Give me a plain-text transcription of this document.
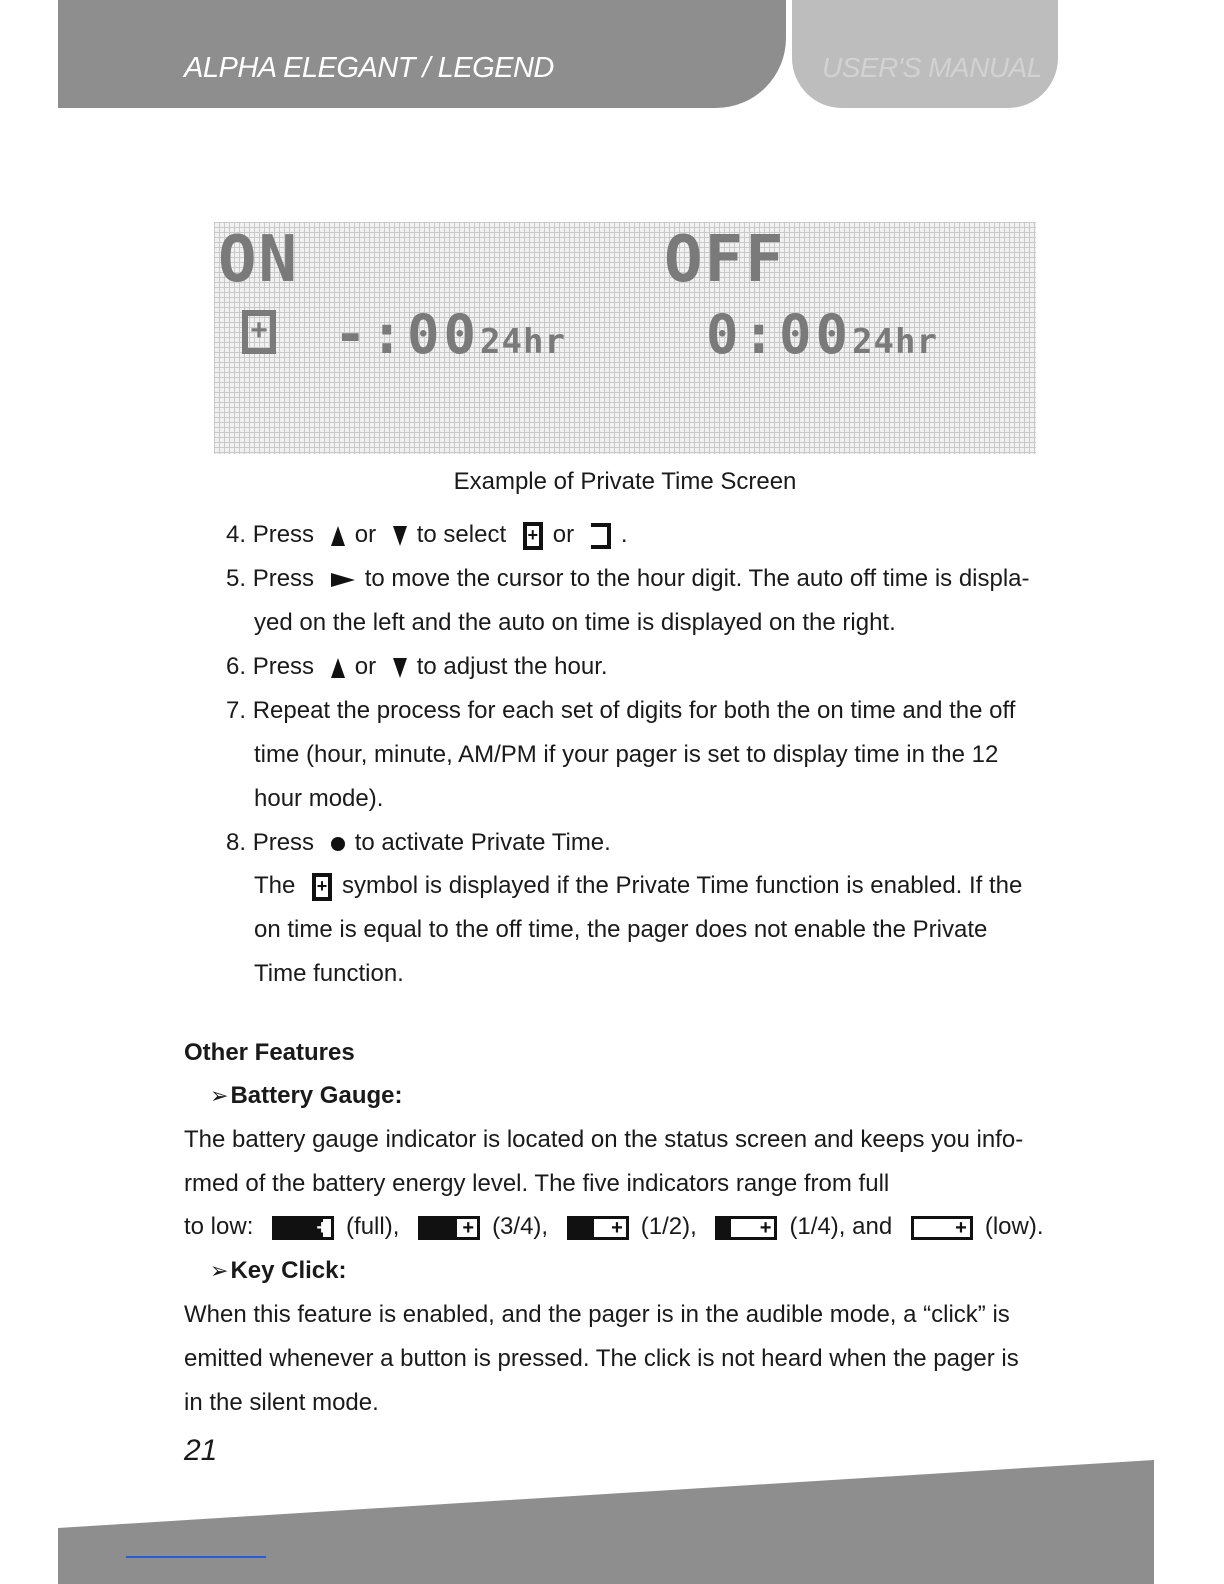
ALPHA ELEGANT / LEGEND	USER'S MANUAL
ON	OFF
+ -:0024hr	0:0024hr
Example of Private Time Screen
4. Press or to select + or .
5. Press to move the cursor to the hour digit. The auto off time is displa-
yed on the left and the auto on time is displayed on the right.
6. Press or to adjust the hour.
7. Repeat the process for each set of digits for both the on time and the off
time (hour, minute, AM/PM if your pager is set to display time in the 12
hour mode).
8. Press to activate Private Time.
The + symbol is displayed if the Private Time function is enabled. If the
on time is equal to the off time, the pager does not enable the Private
Time function.
Other Features
➢Battery Gauge:
The battery gauge indicator is located on the status screen and keeps you info-
rmed of the battery energy level. The five indicators range from full
to low:	+ (full),	+ (3/4),	+ (1/2),	+ (1/4), and	+ (low).
➢Key Click:
When this feature is enabled, and the pager is in the audible mode, a “click” is
emitted whenever a button is pressed. The click is not heard when the pager is
in the silent mode.
21
